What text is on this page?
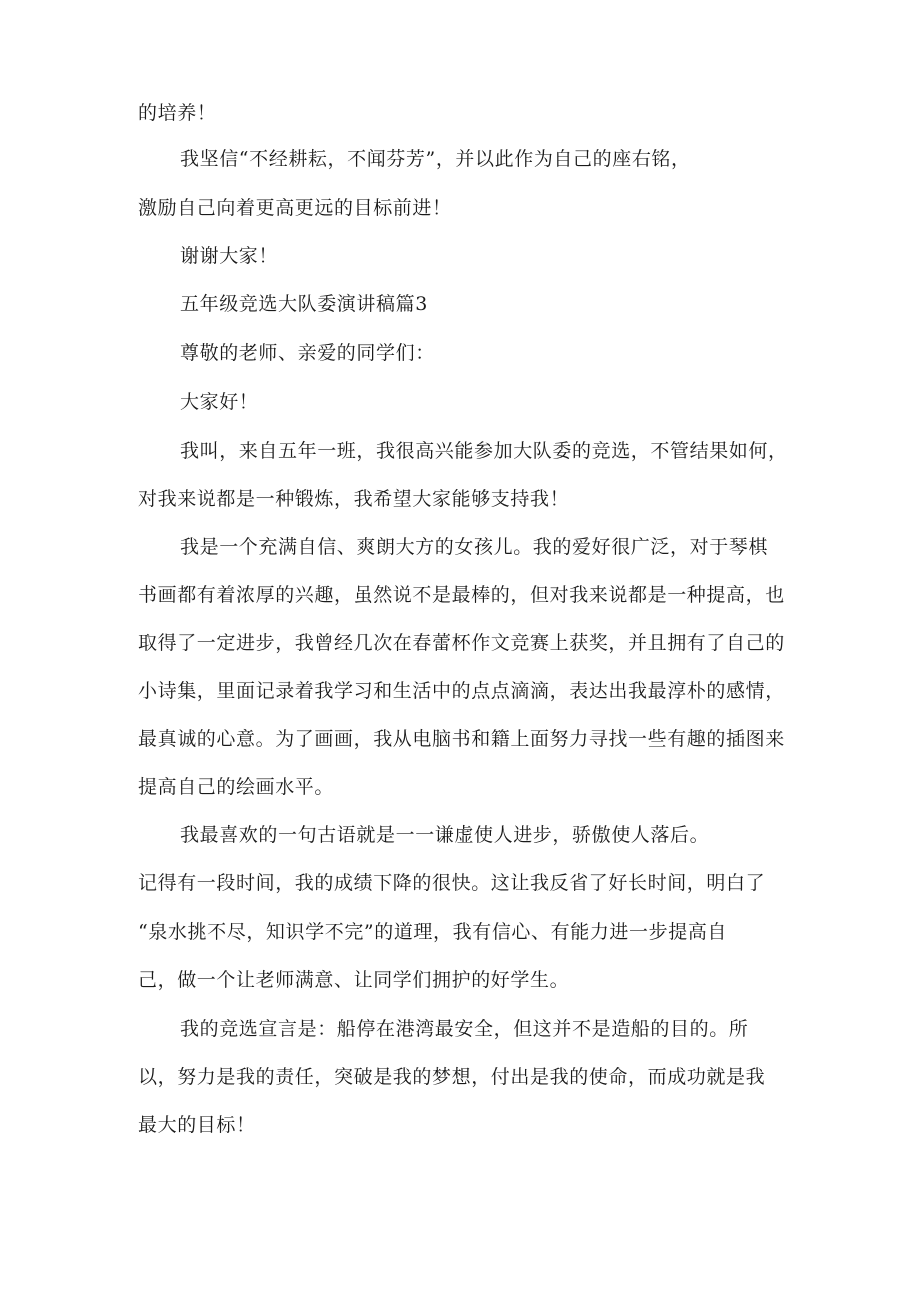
的培养！
我坚信“不经耕耘，不闻芬芳”，并以此作为自己的座右铭，
激励自己向着更高更远的目标前进！
谢谢大家！
五年级竞选大队委演讲稿篇3
尊敬的老师、亲爱的同学们：
大家好！
我叫，来自五年一班，我很高兴能参加大队委的竞选，不管结果如何，
对我来说都是一种锻炼，我希望大家能够支持我！
我是一个充满自信、爽朗大方的女孩儿。我的爱好很广泛，对于琴棋
书画都有着浓厚的兴趣，虽然说不是最棒的，但对我来说都是一种提高，也
取得了一定进步，我曾经几次在春蕾杯作文竞赛上获奖，并且拥有了自己的
小诗集，里面记录着我学习和生活中的点点滴滴，表达出我最淳朴的感情，
最真诚的心意。为了画画，我从电脑书和籍上面努力寻找一些有趣的插图来
提高自己的绘画水平。
我最喜欢的一句古语就是一一谦虚使人进步，骄傲使人落后。
记得有一段时间，我的成绩下降的很快。这让我反省了好长时间，明白了
“泉水挑不尽，知识学不完”的道理，我有信心、有能力进一步提高自
己，做一个让老师满意、让同学们拥护的好学生。
我的竞选宣言是：船停在港湾最安全，但这并不是造船的目的。所
以，努力是我的责任，突破是我的梦想，付出是我的使命，而成功就是我
最大的目标！
